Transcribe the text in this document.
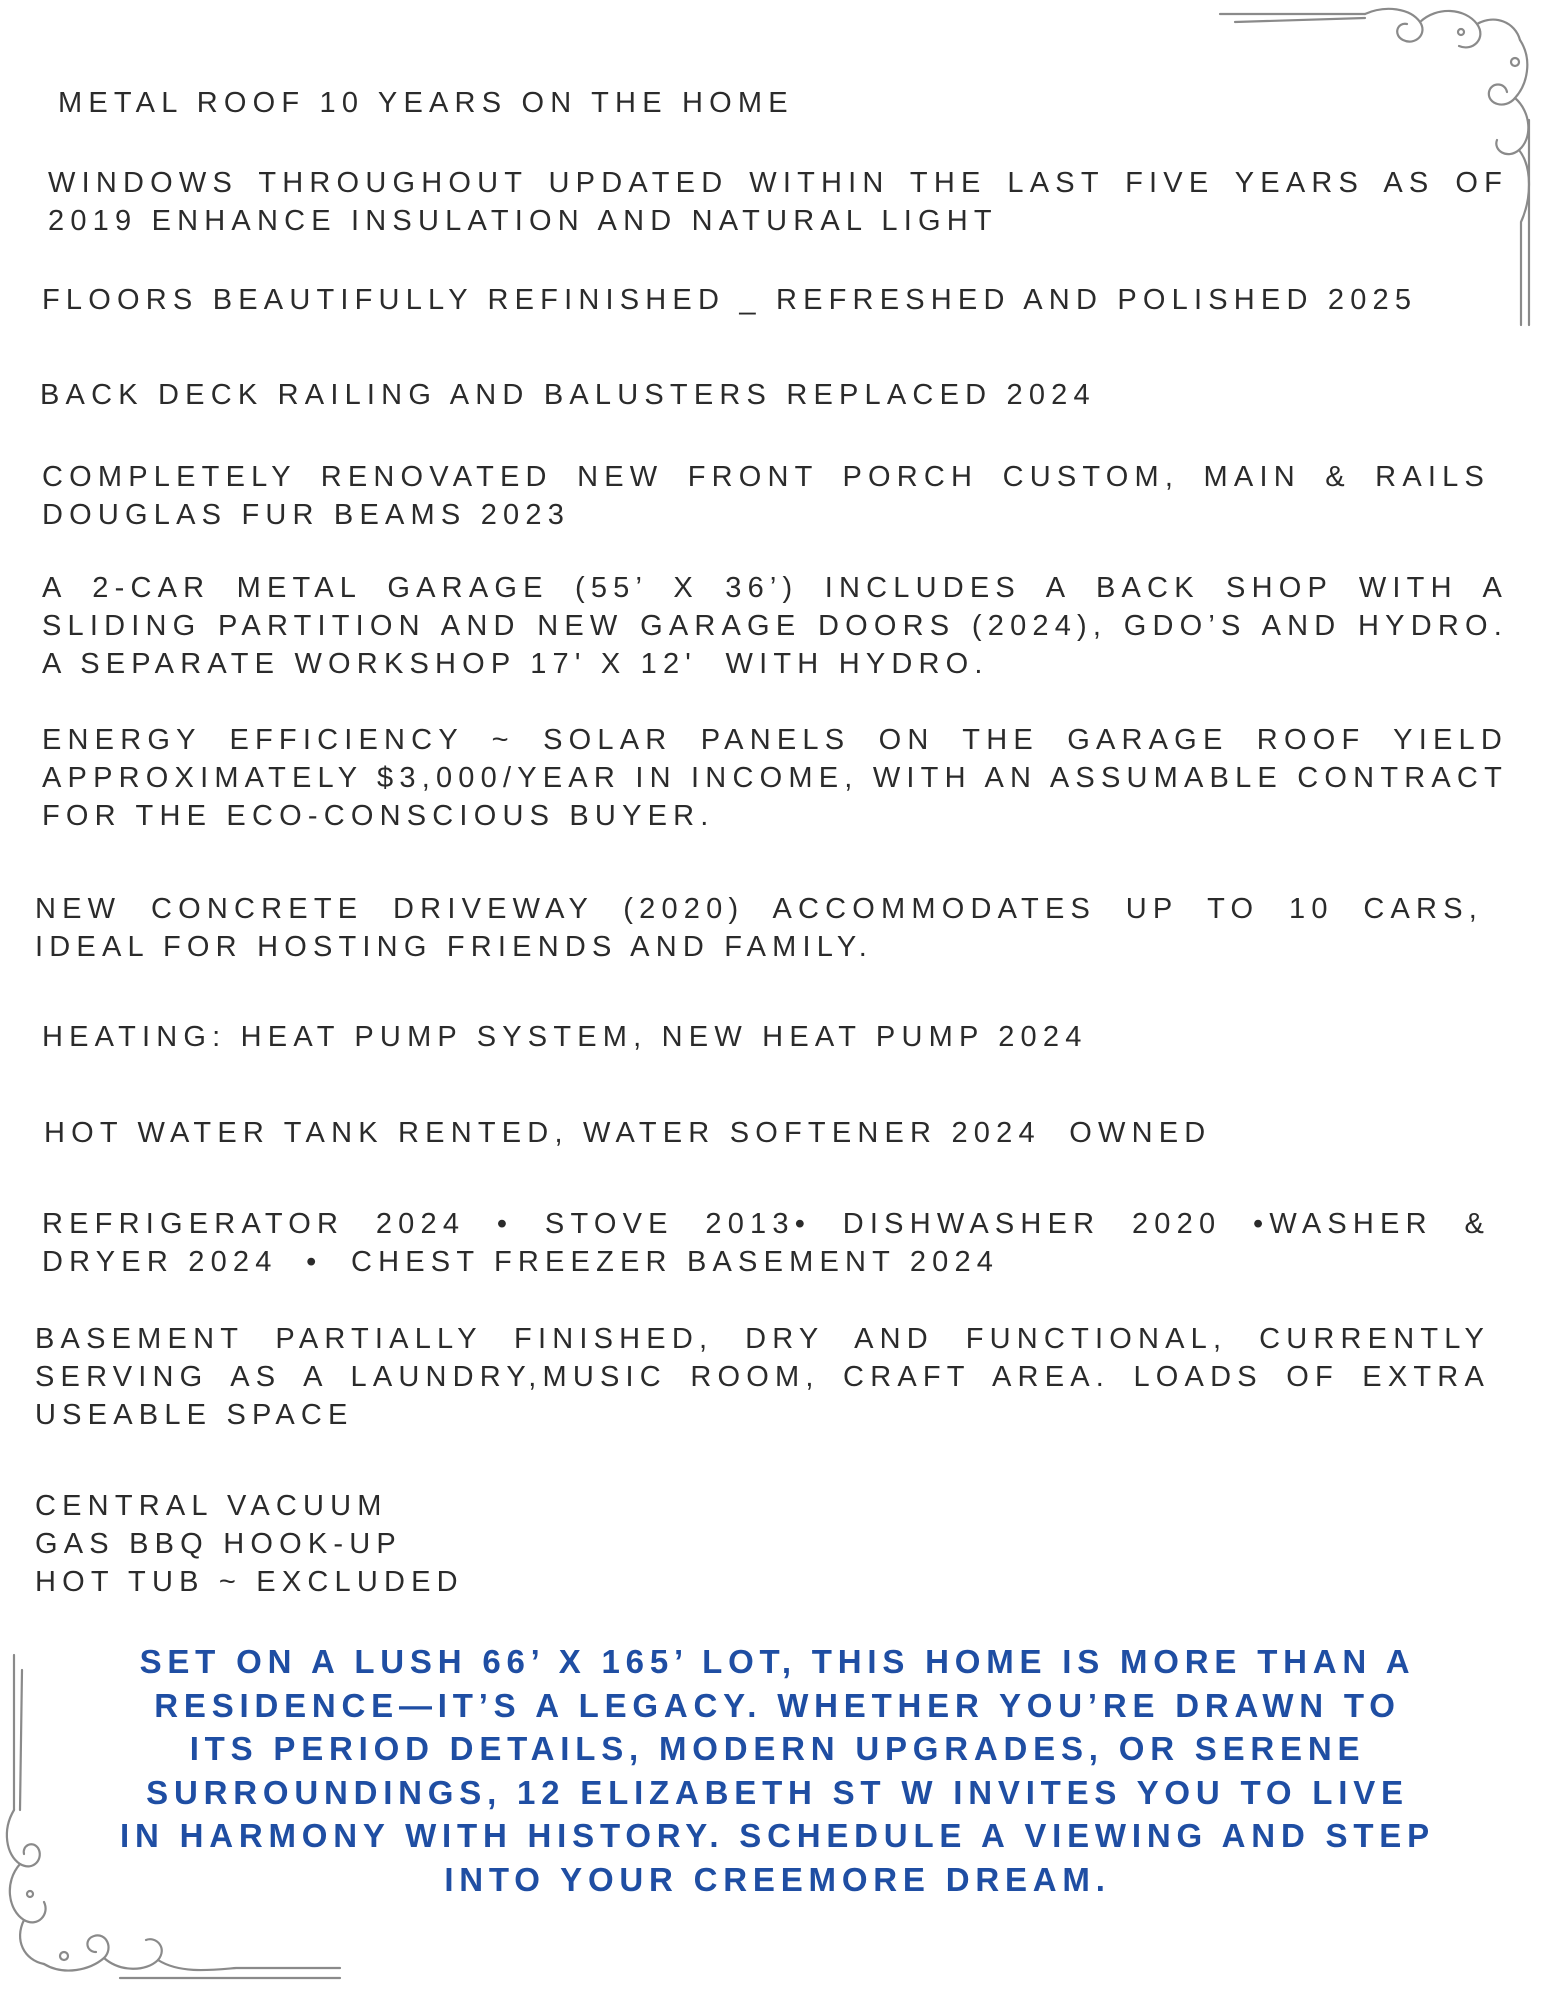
METAL ROOF 10 YEARS ON THE HOME

WINDOWS THROUGHOUT UPDATED WITHIN THE LAST FIVE YEARS AS OF 2019 ENHANCE INSULATION AND NATURAL LIGHT

FLOORS BEAUTIFULLY REFINISHED _ REFRESHED AND POLISHED 2025

BACK DECK RAILING AND BALUSTERS REPLACED 2024

COMPLETELY RENOVATED NEW FRONT PORCH CUSTOM, MAIN & RAILS DOUGLAS FUR BEAMS 2023

A 2-CAR METAL GARAGE (55’ X 36’) INCLUDES A BACK SHOP WITH A SLIDING PARTITION AND NEW GARAGE DOORS (2024), GDO’S AND HYDRO. A SEPARATE WORKSHOP 17' X 12'  WITH HYDRO.

ENERGY EFFICIENCY ~ SOLAR PANELS ON THE GARAGE ROOF YIELD APPROXIMATELY $3,000/YEAR IN INCOME, WITH AN ASSUMABLE CONTRACT FOR THE ECO-CONSCIOUS BUYER.

NEW CONCRETE DRIVEWAY (2020) ACCOMMODATES UP TO 10 CARS, IDEAL FOR HOSTING FRIENDS AND FAMILY.

HEATING: HEAT PUMP SYSTEM, NEW HEAT PUMP 2024

HOT WATER TANK RENTED, WATER SOFTENER 2024  OWNED

REFRIGERATOR 2024 • STOVE 2013• DISHWASHER 2020 •WASHER & DRYER 2024  •  CHEST FREEZER BASEMENT 2024

BASEMENT PARTIALLY FINISHED, DRY AND FUNCTIONAL, CURRENTLY SERVING AS A LAUNDRY,MUSIC ROOM, CRAFT AREA. LOADS OF EXTRA USEABLE SPACE

CENTRAL VACUUM
GAS BBQ HOOK-UP
HOT TUB ~ EXCLUDED

SET ON A LUSH 66’ X 165’ LOT, THIS HOME IS MORE THAN A RESIDENCE—IT’S A LEGACY. WHETHER YOU’RE DRAWN TO ITS PERIOD DETAILS, MODERN UPGRADES, OR SERENE SURROUNDINGS, 12 ELIZABETH ST W INVITES YOU TO LIVE IN HARMONY WITH HISTORY. SCHEDULE A VIEWING AND STEP INTO YOUR CREEMORE DREAM.
